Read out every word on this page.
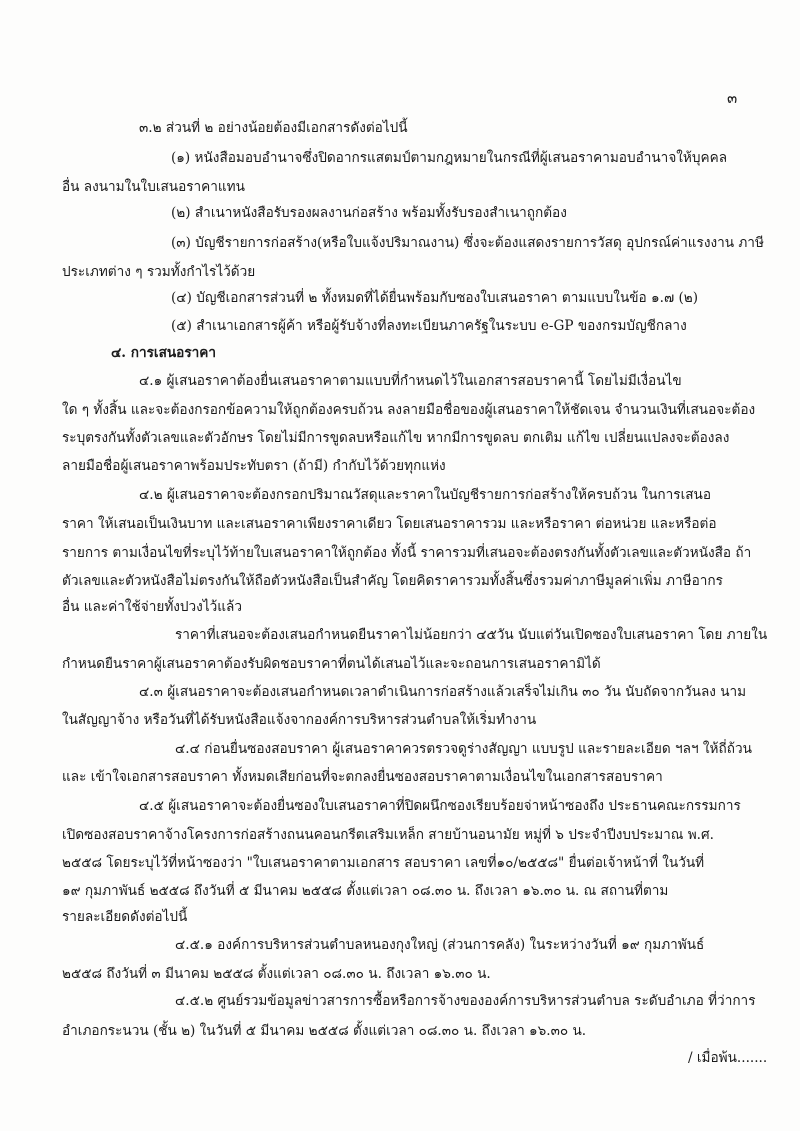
๓
๓.๒ ส่วนที่ ๒ อย่างน้อยต้องมีเอกสารดังต่อไปนี้
(๑) หนังสือมอบอำนาจซึ่งปิดอากรแสตมป์ตามกฎหมายในกรณีที่ผู้เสนอราคามอบอำนาจให้บุคคล
อื่น ลงนามในใบเสนอราคาแทน
(๒) สำเนาหนังสือรับรองผลงานก่อสร้าง พร้อมทั้งรับรองสำเนาถูกต้อง
(๓) บัญชีรายการก่อสร้าง(หรือใบแจ้งปริมาณงาน) ซึ่งจะต้องแสดงรายการวัสดุ อุปกรณ์ค่าแรงงาน ภาษี
ประเภทต่าง ๆ รวมทั้งกำไรไว้ด้วย
(๔) บัญชีเอกสารส่วนที่ ๒ ทั้งหมดที่ได้ยื่นพร้อมกับซองใบเสนอราคา ตามแบบในข้อ ๑.๗ (๒)
(๕) สำเนาเอกสารผู้ค้า หรือผู้รับจ้างที่ลงทะเบียนภาครัฐในระบบ e-GP ของกรมบัญชีกลาง
๔. การเสนอราคา
๔.๑ ผู้เสนอราคาต้องยื่นเสนอราคาตามแบบที่กำหนดไว้ในเอกสารสอบราคานี้ โดยไม่มีเงื่อนไข
ใด ๆ ทั้งสิ้น และจะต้องกรอกข้อความให้ถูกต้องครบถ้วน ลงลายมือชื่อของผู้เสนอราคาให้ชัดเจน จำนวนเงินที่เสนอจะต้อง
ระบุตรงกันทั้งตัวเลขและตัวอักษร โดยไม่มีการขูดลบหรือแก้ไข หากมีการขูดลบ ตกเติม แก้ไข เปลี่ยนแปลงจะต้องลง
ลายมือชื่อผู้เสนอราคาพร้อมประทับตรา (ถ้ามี) กำกับไว้ด้วยทุกแห่ง
๔.๒ ผู้เสนอราคาจะต้องกรอกปริมาณวัสดุและราคาในบัญชีรายการก่อสร้างให้ครบถ้วน ในการเสนอ
ราคา ให้เสนอเป็นเงินบาท และเสนอราคาเพียงราคาเดียว โดยเสนอราคารวม และหรือราคา ต่อหน่วย และหรือต่อ
รายการ ตามเงื่อนไขที่ระบุไว้ท้ายใบเสนอราคาให้ถูกต้อง ทั้งนี้ ราคารวมที่เสนอจะต้องตรงกันทั้งตัวเลขและตัวหนังสือ ถ้า
ตัวเลขและตัวหนังสือไม่ตรงกันให้ถือตัวหนังสือเป็นสำคัญ โดยคิดราคารวมทั้งสิ้นซึ่งรวมค่าภาษีมูลค่าเพิ่ม ภาษีอากร
อื่น และค่าใช้จ่ายทั้งปวงไว้แล้ว
ราคาที่เสนอจะต้องเสนอกำหนดยืนราคาไม่น้อยกว่า ๔๕วัน นับแต่วันเปิดซองใบเสนอราคา โดย ภายใน
กำหนดยืนราคาผู้เสนอราคาต้องรับผิดชอบราคาที่ตนได้เสนอไว้และจะถอนการเสนอราคามิได้
๔.๓ ผู้เสนอราคาจะต้องเสนอกำหนดเวลาดำเนินการก่อสร้างแล้วเสร็จไม่เกิน ๓๐ วัน นับถัดจากวันลง นาม
ในสัญญาจ้าง หรือวันที่ได้รับหนังสือแจ้งจากองค์การบริหารส่วนตำบลให้เริ่มทำงาน
๔.๔ ก่อนยื่นซองสอบราคา ผู้เสนอราคาควรตรวจดูร่างสัญญา แบบรูป และรายละเอียด ฯลฯ ให้ถี่ถ้วน
และ เข้าใจเอกสารสอบราคา ทั้งหมดเสียก่อนที่จะตกลงยื่นซองสอบราคาตามเงื่อนไขในเอกสารสอบราคา
๔.๕ ผู้เสนอราคาจะต้องยื่นซองใบเสนอราคาที่ปิดผนึกซองเรียบร้อยจ่าหน้าซองถึง ประธานคณะกรรมการ
เปิดซองสอบราคาจ้างโครงการก่อสร้างถนนคอนกรีตเสริมเหล็ก สายบ้านอนามัย หมู่ที่ ๖ ประจำปีงบประมาณ พ.ศ.
๒๕๕๘ โดยระบุไว้ที่หน้าซองว่า "ใบเสนอราคาตามเอกสาร สอบราคา เลขที่๑๐/๒๕๕๘" ยื่นต่อเจ้าหน้าที่ ในวันที่
๑๙ กุมภาพันธ์ ๒๕๕๘ ถึงวันที่ ๕ มีนาคม ๒๕๕๘ ตั้งแต่เวลา ๐๘.๓๐ น. ถึงเวลา ๑๖.๓๐ น. ณ สถานที่ตาม
รายละเอียดดังต่อไปนี้
๔.๕.๑ องค์การบริหารส่วนตำบลหนองกุงใหญ่ (ส่วนการคลัง) ในระหว่างวันที่ ๑๙ กุมภาพันธ์
๒๕๕๘ ถึงวันที่ ๓ มีนาคม ๒๕๕๘ ตั้งแต่เวลา ๐๘.๓๐ น. ถึงเวลา ๑๖.๓๐ น.
๔.๕.๒ ศูนย์รวมข้อมูลข่าวสารการซื้อหรือการจ้างขององค์การบริหารส่วนตำบล ระดับอำเภอ ที่ว่าการ
อำเภอกระนวน (ชั้น ๒) ในวันที่ ๕ มีนาคม ๒๕๕๘ ตั้งแต่เวลา ๐๘.๓๐ น. ถึงเวลา ๑๖.๓๐ น.
/ เมื่อพ้น.......
